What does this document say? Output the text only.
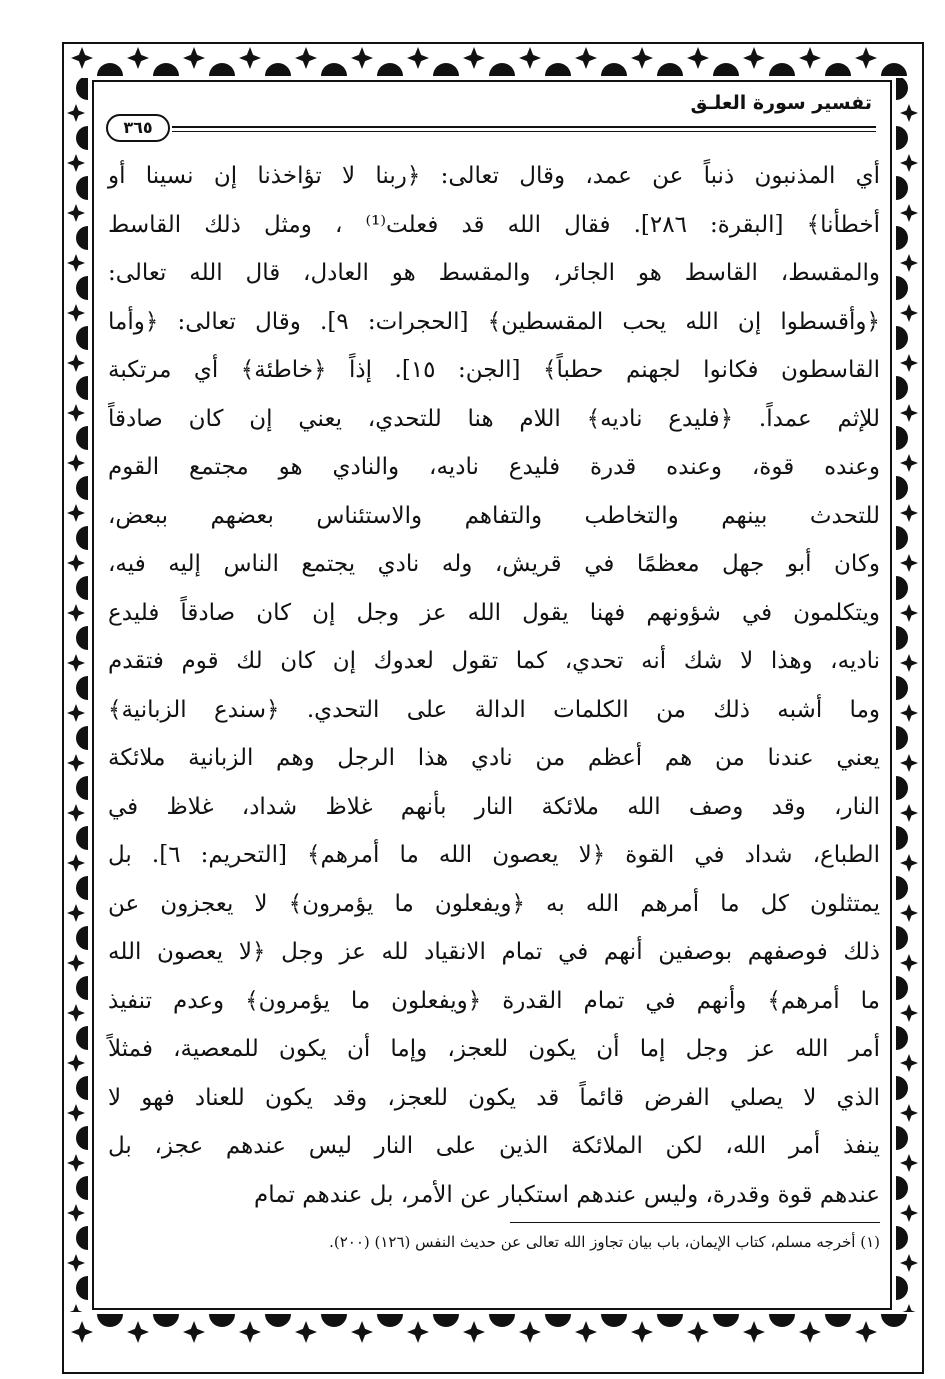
تفسير سورة العلـق
٣٦٥

أي المذنبون ذنباً عن عمد، وقال تعالى: ﴿ربنا لا تؤاخذنا إن نسينا أو

أخطأنا﴾ [البقرة: ٢٨٦]. فقال الله قد فعلت⁽¹⁾ ، ومثل ذلك القاسط

والمقسط، القاسط هو الجائر، والمقسط هو العادل، قال الله تعالى:

﴿وأقسطوا إن الله يحب المقسطين﴾ [الحجرات: ٩]. وقال تعالى: ﴿وأما

القاسطون فكانوا لجهنم حطباً﴾ [الجن: ١٥]. إذاً ﴿خاطئة﴾ أي مرتكبة

للإثم عمداً. ﴿فليدع ناديه﴾ اللام هنا للتحدي، يعني إن كان صادقاً

وعنده قوة، وعنده قدرة فليدع ناديه، والنادي هو مجتمع القوم

للتحدث بينهم والتخاطب والتفاهم والاستئناس بعضهم ببعض،

وكان أبو جهل معظمًا في قريش، وله نادي يجتمع الناس إليه فيه،

ويتكلمون في شؤونهم فهنا يقول الله عز وجل إن كان صادقاً فليدع

ناديه، وهذا لا شك أنه تحدي، كما تقول لعدوك إن كان لك قوم فتقدم

وما أشبه ذلك من الكلمات الدالة على التحدي. ﴿سندع الزبانية﴾

يعني عندنا من هم أعظم من نادي هذا الرجل وهم الزبانية ملائكة

النار، وقد وصف الله ملائكة النار بأنهم غلاظ شداد، غلاظ في

الطباع، شداد في القوة ﴿لا يعصون الله ما أمرهم﴾ [التحريم: ٦]. بل

يمتثلون كل ما أمرهم الله به ﴿ويفعلون ما يؤمرون﴾ لا يعجزون عن

ذلك فوصفهم بوصفين أنهم في تمام الانقياد لله عز وجل ﴿لا يعصون الله

ما أمرهم﴾ وأنهم في تمام القدرة ﴿ويفعلون ما يؤمرون﴾ وعدم تنفيذ

أمر الله عز وجل إما أن يكون للعجز، وإما أن يكون للمعصية، فمثلاً

الذي لا يصلي الفرض قائماً قد يكون للعجز، وقد يكون للعناد فهو لا

ينفذ أمر الله، لكن الملائكة الذين على النار ليس عندهم عجز، بل

عندهم قوة وقدرة، وليس عندهم استكبار عن الأمر، بل عندهم تمام

(١) أخرجه مسلم، كتاب الإيمان، باب بيان تجاوز الله تعالى عن حديث النفس (١٢٦) (٢٠٠).
